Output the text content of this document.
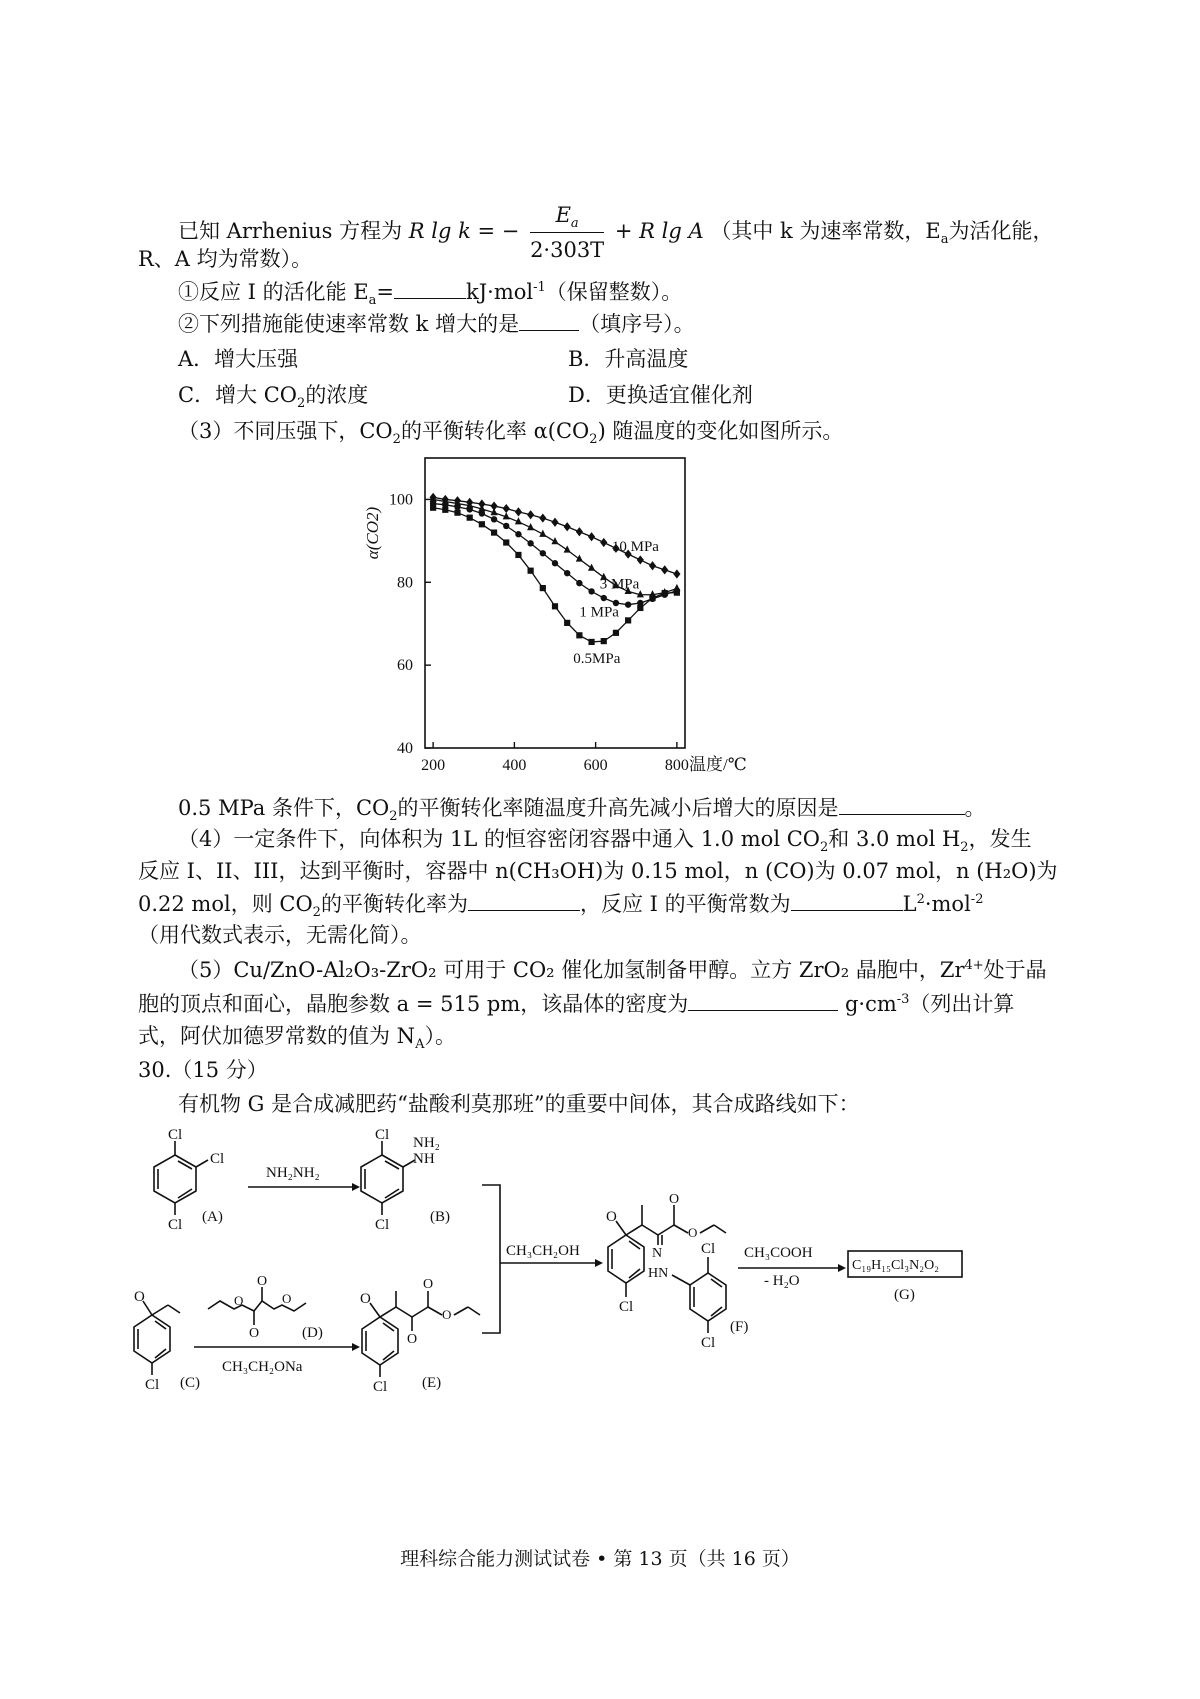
已知 Arrhenius 方程为 R lg k = − $\frac{E_a}{2\cdot 303T} + R$ lg A （其中 k 为速率常数，$E_a$为活化能，
R、A 均为常数）。
①反应 I 的活化能 $E_a=$	kJ·mol$^{-1}$（保留整数）。
②下列措施能使速率常数 k 增大的是	（填序号）。
A．增大压强	B．升高温度
C．增大 $CO_2$的浓度	D．更换适宜催化剂
（3）不同压强下，$CO_2$的平衡转化率 $\alpha(CO_2)$ 随温度的变化如图所示。
200	400	600	800
40
60
80
100
温度/℃
α(CO2)	10 MPa
3 MPa
1 MPa
0.5MPa
0.5 MPa 条件下，$CO_2$的平衡转化率随温度升高先减小后增大的原因是	。
（4）一定条件下，向体积为 1L 的恒容密闭容器中通入 1.0 mol $CO_2$和 3.0 mol $H_2$，发生
反应 I、II、III，达到平衡时，容器中 n(CH₃OH)为 0.15 mol，n (CO)为 0.07 mol，n (H₂O)为
0.22 mol，则 $CO_2$的平衡转化率为	，反应 I 的平衡常数为	$L^2\cdot mol^{-2}$
（用代数式表示，无需化简）。
（5）Cu/ZnO-Al₂O₃-ZrO₂ 可用于 CO₂ 催化加氢制备甲醇。立方 ZrO₂ 晶胞中，$Zr^{4+}$处于晶
胞的顶点和面心，晶胞参数 a = 515 pm，该晶体的密度为	$g\cdot cm^{-3}$（列出计算
式，阿伏加德罗常数的值为 $N_A$）。
30.（15 分）
有机物 G 是合成减肥药“盐酸利莫那班”的重要中间体，其合成路线如下：
Cl
Cl
Cl (A)
NH₂NH₂
Cl NH₂
NH
Cl	(B)
CH₃CH₂OH
O
Cl (C)
O
O
O	O
(D)
CH₃CH₂ONa
O
O
O
O
Cl (E)
O
N
HN
O
O
Cl
Cl
Cl
(F)
CH₃COOH
- H₂O
C₁₉H₁₅Cl₃N₂O₂
(G)
理科综合能力测试试卷 • 第 13 页（共 16 页）
